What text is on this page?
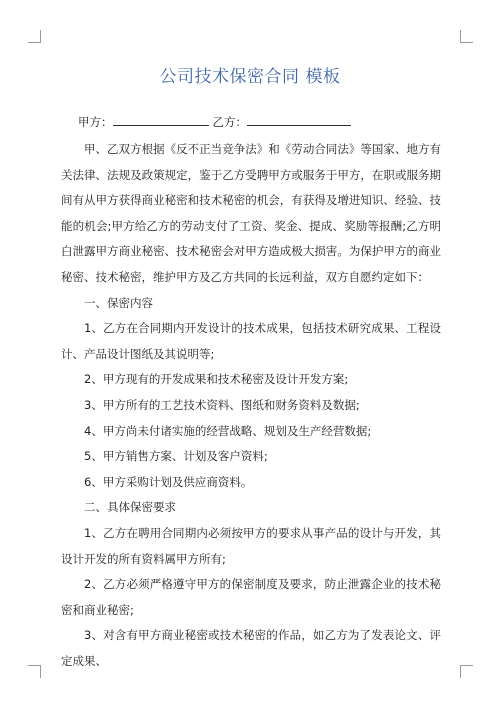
公司技术保密合同 模板
甲方：	乙方：

甲、乙双方根据《反不正当竞争法》和《劳动合同法》等国家、地方有关法律、法规及政策规定，鉴于乙方受聘甲方或服务于甲方，在职或服务期间有从甲方获得商业秘密和技术秘密的机会，有获得及增进知识、经验、技能的机会;甲方给乙方的劳动支付了工资、奖金、提成、奖励等报酬;乙方明白泄露甲方商业秘密、技术秘密会对甲方造成极大损害。为保护甲方的商业秘密、技术秘密，维护甲方及乙方共同的长远利益，双方自愿约定如下：

一、保密内容

1、乙方在合同期内开发设计的技术成果，包括技术研究成果、工程设计、产品设计图纸及其说明等;

2、甲方现有的开发成果和技术秘密及设计开发方案;

3、甲方所有的工艺技术资料、图纸和财务资料及数据;

4、甲方尚未付诸实施的经营战略、规划及生产经营数据;

5、甲方销售方案、计划及客户资料;

6、甲方采购计划及供应商资料。

二、具体保密要求

1、乙方在聘用合同期内必须按甲方的要求从事产品的设计与开发，其设计开发的所有资料属甲方所有;

2、乙方必须严格遵守甲方的保密制度及要求，防止泄露企业的技术秘密和商业秘密;

3、对含有甲方商业秘密或技术秘密的作品，如乙方为了发表论文、评定成果、
